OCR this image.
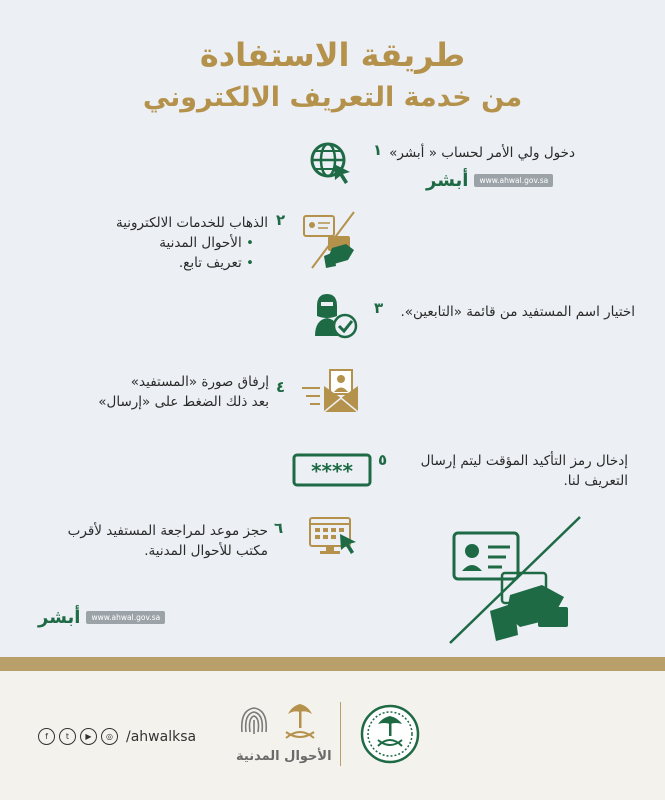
طريقة الاستفادة
من خدمة التعريف الالكتروني
١ دخول ولي الأمر لحساب « أبشر»
أبشر	www.ahwal.gov.sa
٢
الذهاب للخدمات الالكترونية
• الأحوال المدنية
• تعريف تابع.
٣	اختيار اسم المستفيد من قائمة «التابعين».
٤
إرفاق صورة «المستفيد»
بعد ذلك الضغط على «إرسال»
٥	إدخال رمز التأكيد المؤقت ليتم إرسال
التعريف لنا.
****
٦
حجز موعد لمراجعة المستفيد لأقرب
مكتب للأحوال المدنية.
أبشر	www.ahwal.gov.sa
f	t	▶	◎ /ahwalksa
الأحوال المدنية
